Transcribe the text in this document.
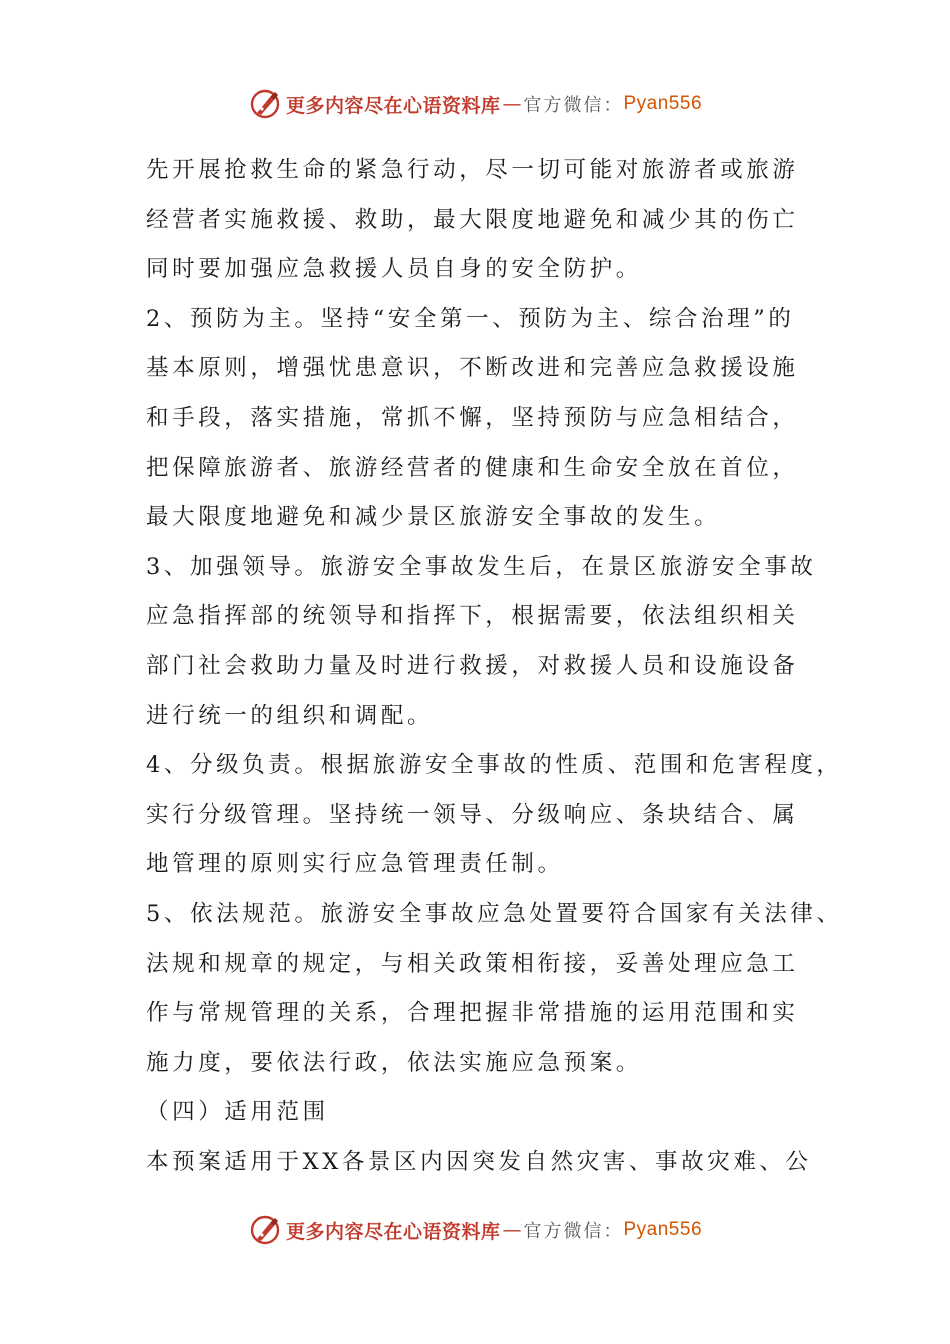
更多内容尽在心语资料库 — 官方微信： Pyan556
先开展抢救生命的紧急行动，尽一切可能对旅游者或旅游
经营者实施救援、救助，最大限度地避免和减少其的伤亡
同时要加强应急救援人员自身的安全防护。
2、预防为主。坚持“安全第一、预防为主、综合治理”的
基本原则，增强忧患意识，不断改进和完善应急救援设施
和手段，落实措施，常抓不懈，坚持预防与应急相结合，
把保障旅游者、旅游经营者的健康和生命安全放在首位，
最大限度地避免和减少景区旅游安全事故的发生。
3、加强领导。旅游安全事故发生后，在景区旅游安全事故
应急指挥部的统领导和指挥下，根据需要，依法组织相关
部门社会救助力量及时进行救援，对救援人员和设施设备
进行统一的组织和调配。
4、分级负责。根据旅游安全事故的性质、范围和危害程度，
实行分级管理。坚持统一领导、分级响应、条块结合、属
地管理的原则实行应急管理责任制。
5、依法规范。旅游安全事故应急处置要符合国家有关法律、
法规和规章的规定，与相关政策相衔接，妥善处理应急工
作与常规管理的关系，合理把握非常措施的运用范围和实
施力度，要依法行政，依法实施应急预案。
（四）适用范围
本预案适用于XX各景区内因突发自然灾害、事故灾难、公
更多内容尽在心语资料库 — 官方微信： Pyan556
